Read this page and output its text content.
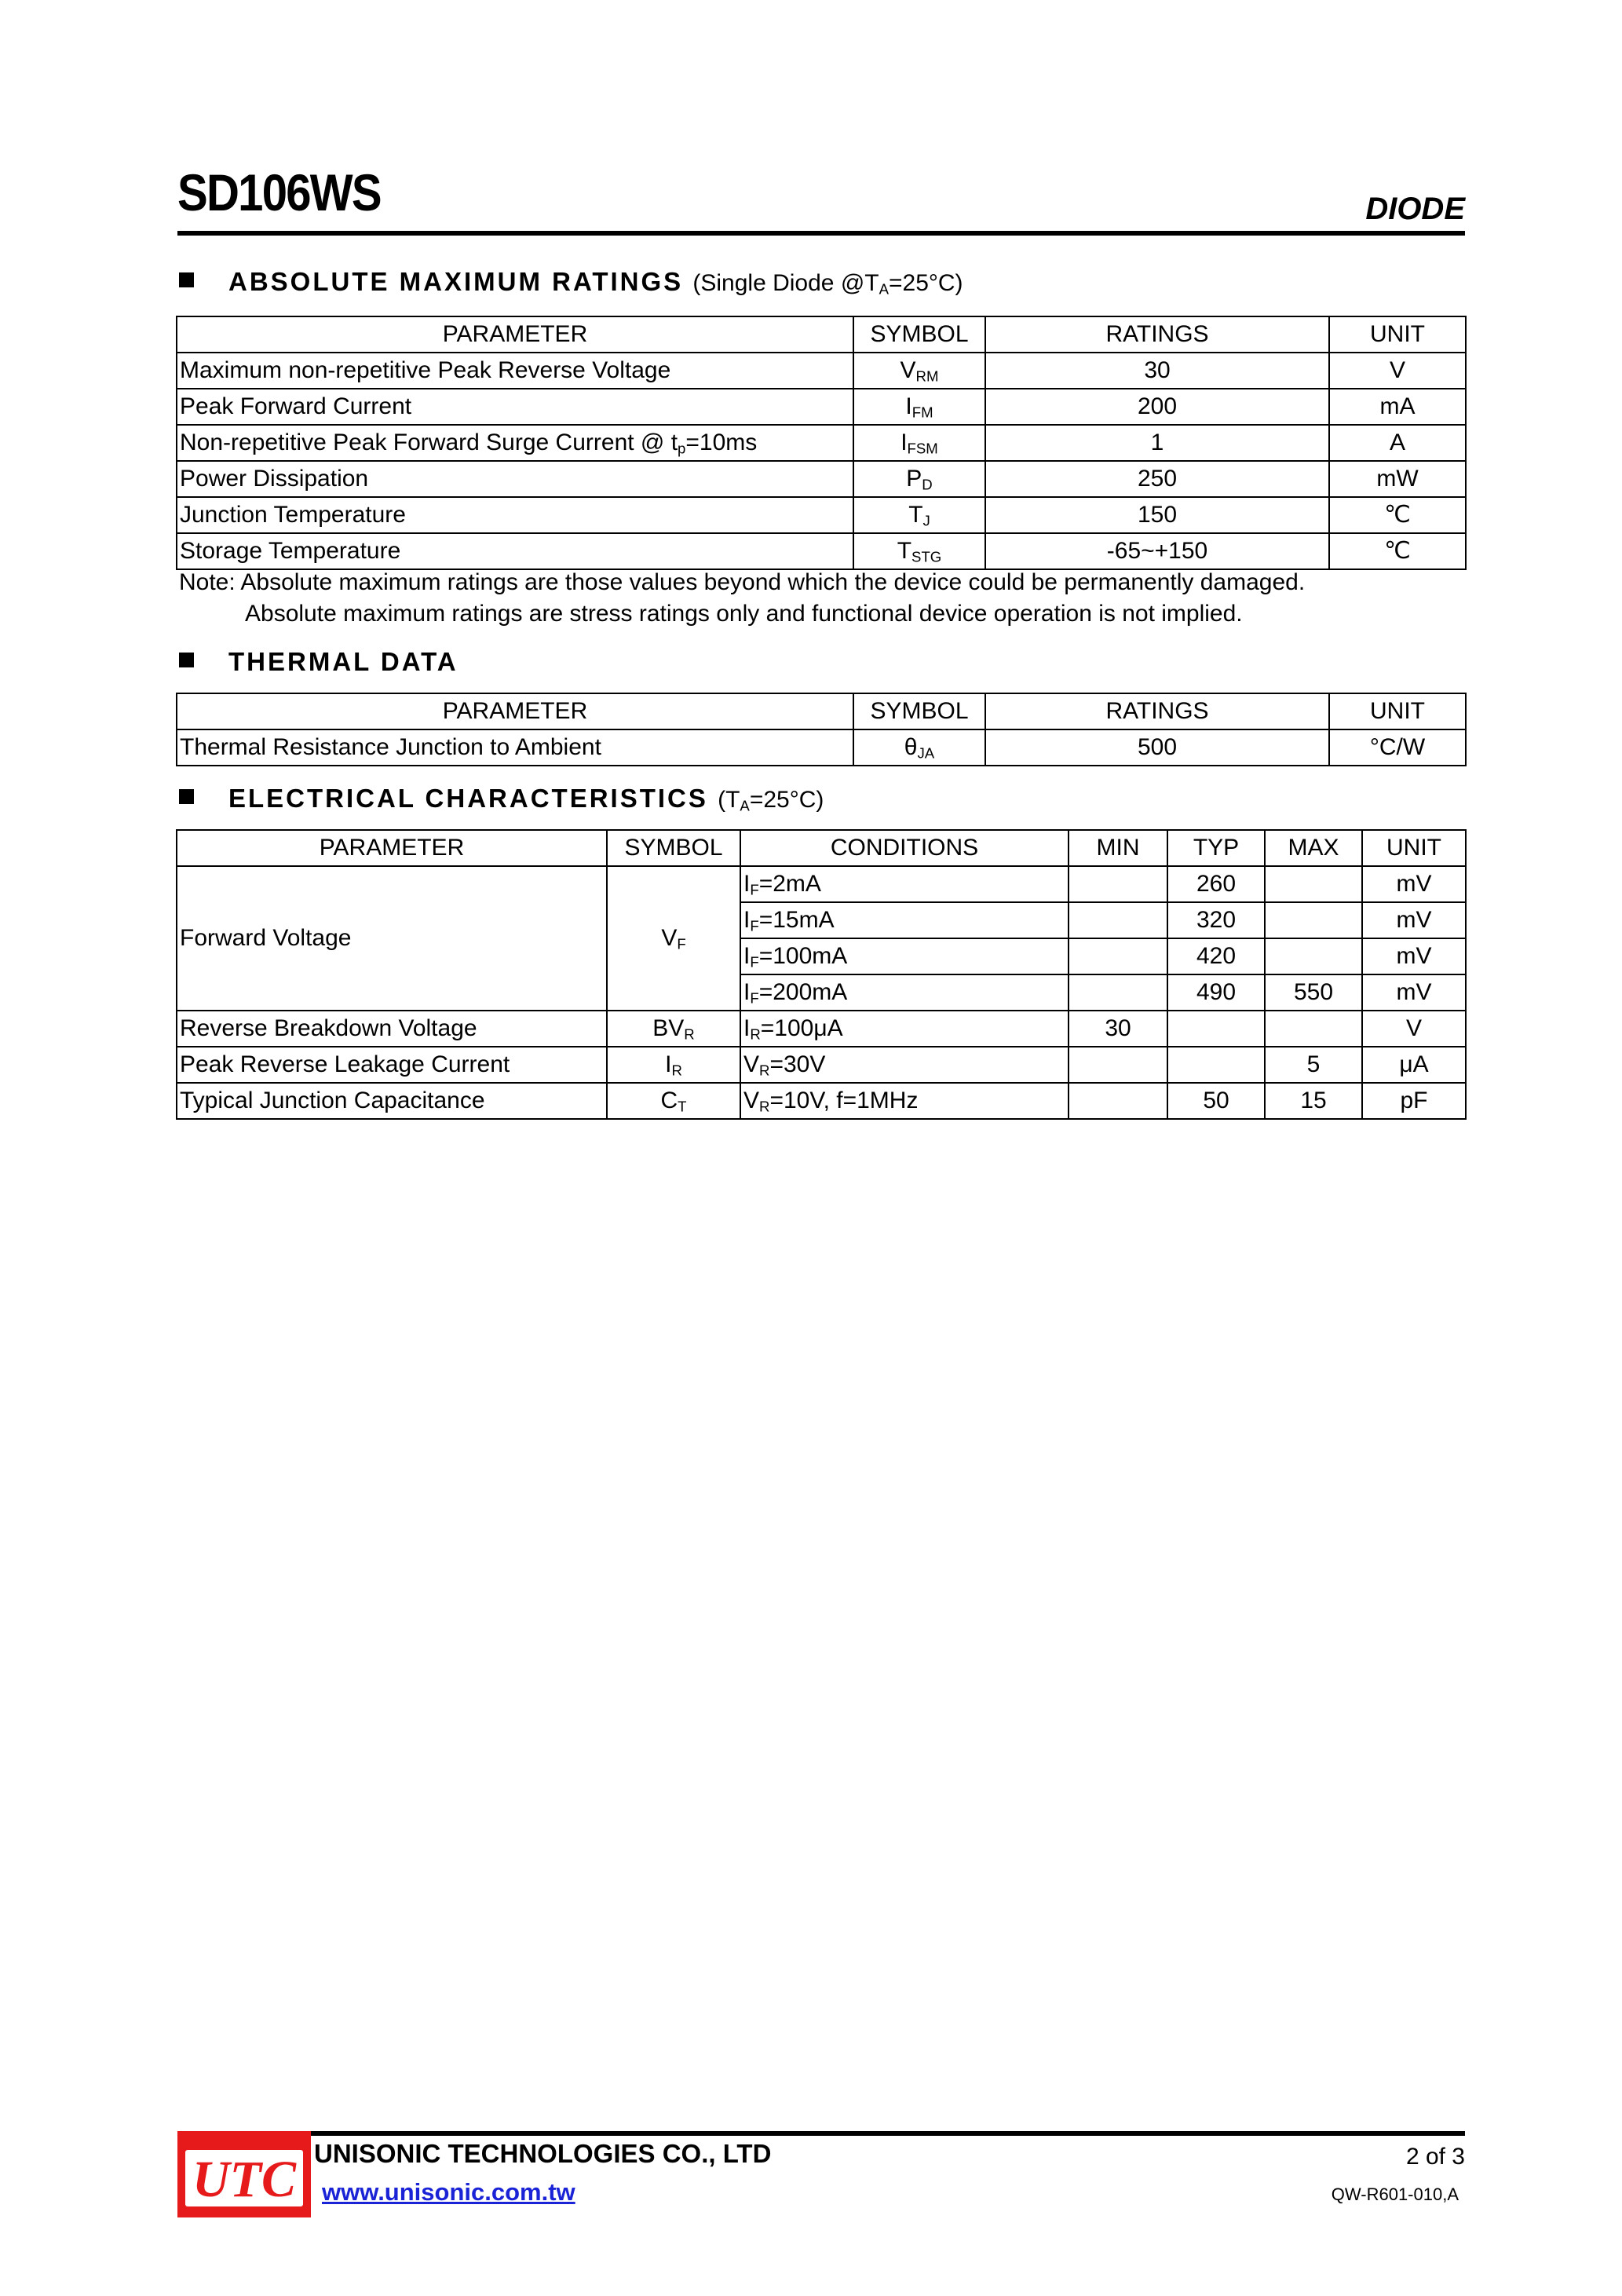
SD106WS	DIODE
ABSOLUTE MAXIMUM RATINGS (Single Diode $@T_A=25^\circ C$)
PARAMETER	SYMBOL	RATINGS	UNIT
Maximum non-repetitive Peak Reverse Voltage	$V_{RM}$	30	V
Peak Forward Current	$I_{FM}$	200	mA
Non-repetitive Peak Forward Surge Current @ $t_p=10ms$	$I_{FSM}$	1	A
Power Dissipation	$P_D$	250	mW
Junction Temperature	$T_J$	150	℃
Storage Temperature	$T_{STG}$	-65~+150	℃
Note: Absolute maximum ratings are those values beyond which the device could be permanently damaged.
Absolute maximum ratings are stress ratings only and functional device operation is not implied.
THERMAL DATA
PARAMETER	SYMBOL	RATINGS	UNIT
Thermal Resistance Junction to Ambient	$\theta_{JA}$	500	°C/W
ELECTRICAL CHARACTERISTICS $(T_A=25^\circ C)$
PARAMETER	SYMBOL	CONDITIONS	MIN	TYP	MAX	UNIT
Forward Voltage	$V_F$	$I_F=2mA$		260		mV
		$I_F=15mA$		320		mV
		$I_F=100mA$		420		mV
		$I_F=200mA$		490	550	mV
Reverse Breakdown Voltage	$BV_R$	$I_R=100\mu A$	30			V
Peak Reverse Leakage Current	$I_R$	$V_R=30V$			5	μA
Typical Junction Capacitance	$C_T$	$V_R=10V$, f=1MHz		50	15	pF
UTC UNISONIC TECHNOLOGIES CO., LTD
www.unisonic.com.tw
2 of 3
QW-R601-010,A
